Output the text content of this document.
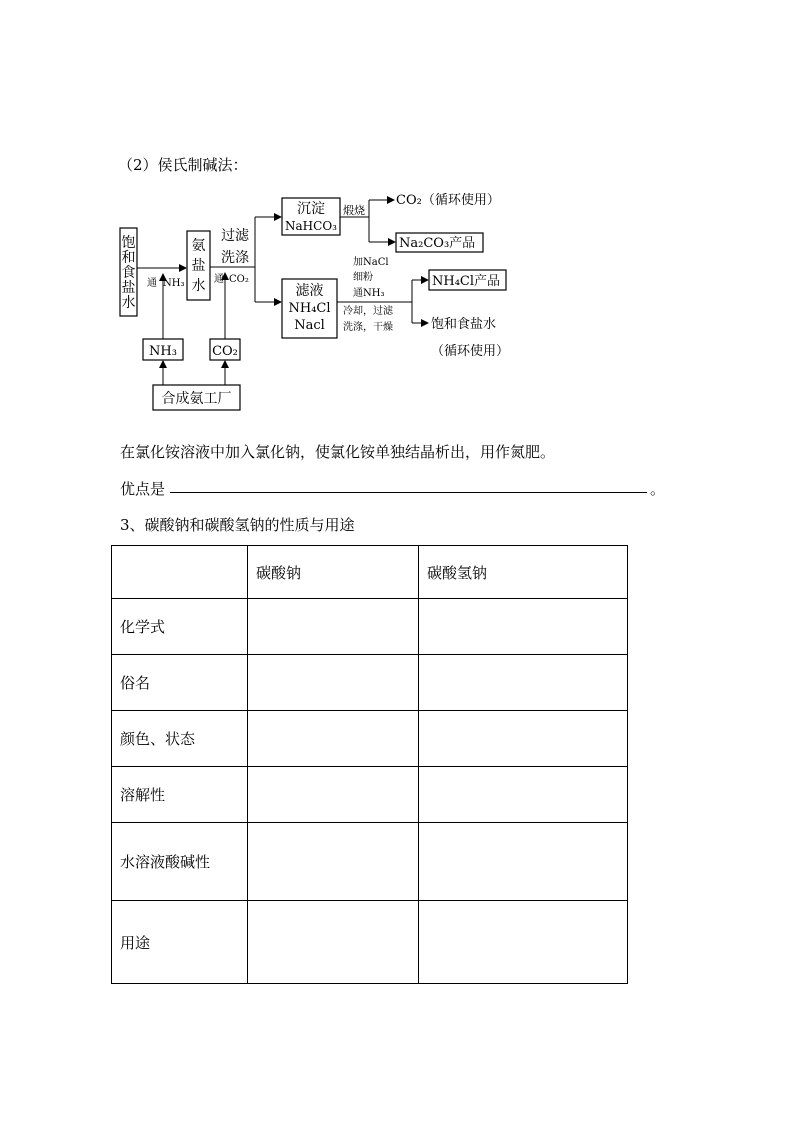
（2）侯氏制碱法：
饱
和
食
盐
水
通 NH₃
氨
盐
水
过滤
洗涤
通 CO₂
沉淀
NaHCO₃
煅烧
CO₂（循环使用）
Na₂CO₃产品
滤液
NH₄Cl
Nacl
加NaCl
细粉
通NH₃
冷却，过滤
洗涤，干燥
NH₄Cl产品
饱和食盐水
（循环使用）
NH₃	CO₂
合成氨工厂
在氯化铵溶液中加入氯化钠，使氯化铵单独结晶析出，用作氮肥。
优点是	。
3、碳酸钠和碳酸氢钠的性质与用途
	碳酸钠	碳酸氢钠
化学式		
俗名		
颜色、状态		
溶解性		
水溶液酸碱性		
用途		
